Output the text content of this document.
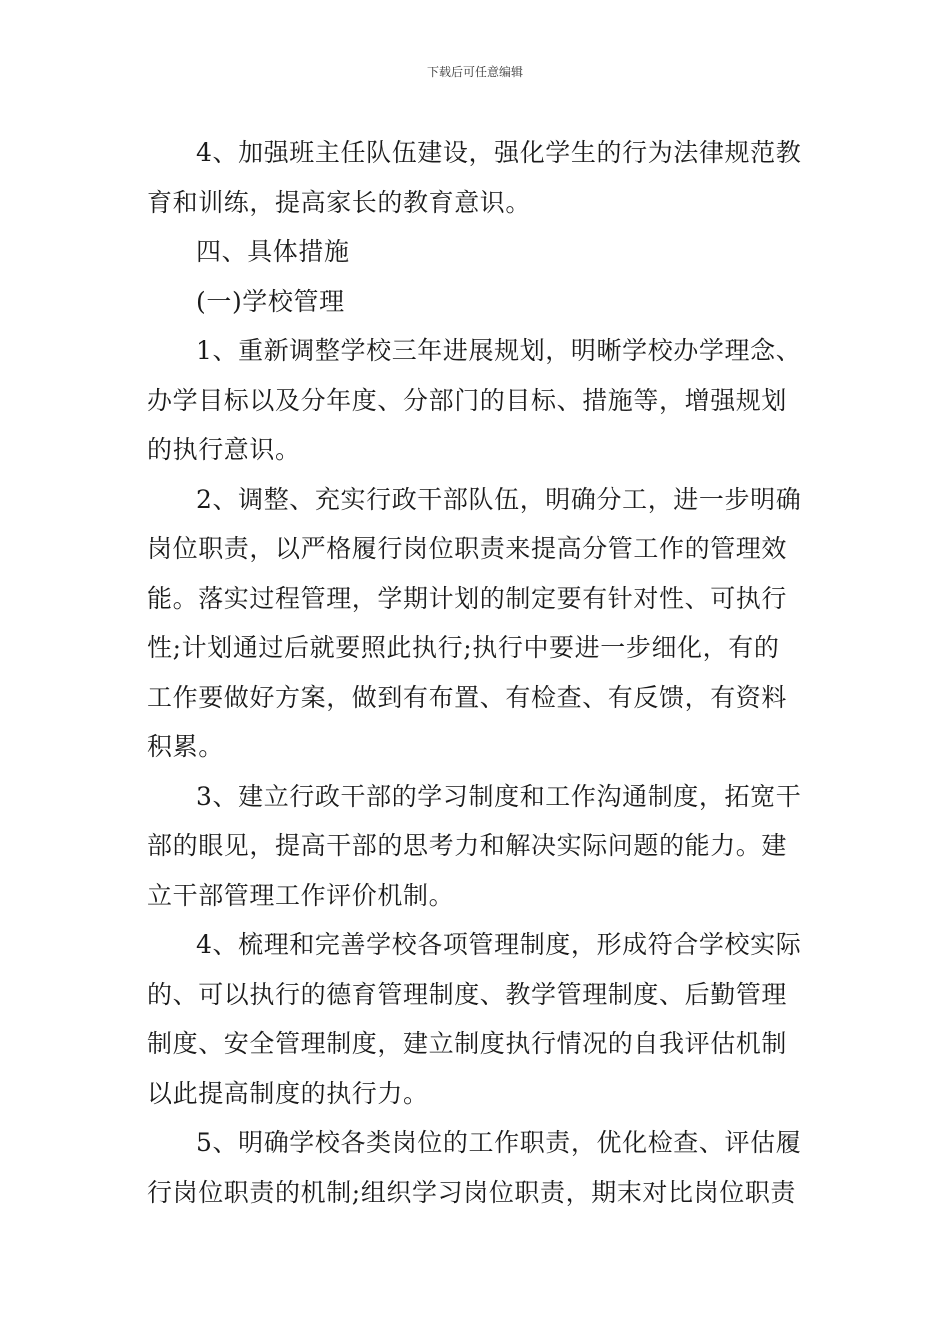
下载后可任意编辑

4、加强班主任队伍建设，强化学生的行为法律规范教
育和训练，提高家长的教育意识。

四、具体措施

(一)学校管理

1、重新调整学校三年进展规划，明晰学校办学理念、
办学目标以及分年度、分部门的目标、措施等，增强规划
的执行意识。

2、调整、充实行政干部队伍，明确分工，进一步明确
岗位职责，以严格履行岗位职责来提高分管工作的管理效
能。落实过程管理，学期计划的制定要有针对性、可执行
性;计划通过后就要照此执行;执行中要进一步细化，有的
工作要做好方案，做到有布置、有检查、有反馈，有资料
积累。

3、建立行政干部的学习制度和工作沟通制度，拓宽干
部的眼见，提高干部的思考力和解决实际问题的能力。建
立干部管理工作评价机制。

4、梳理和完善学校各项管理制度，形成符合学校实际
的、可以执行的德育管理制度、教学管理制度、后勤管理
制度、安全管理制度，建立制度执行情况的自我评估机制
以此提高制度的执行力。

5、明确学校各类岗位的工作职责，优化检查、评估履
行岗位职责的机制;组织学习岗位职责，期末对比岗位职责
